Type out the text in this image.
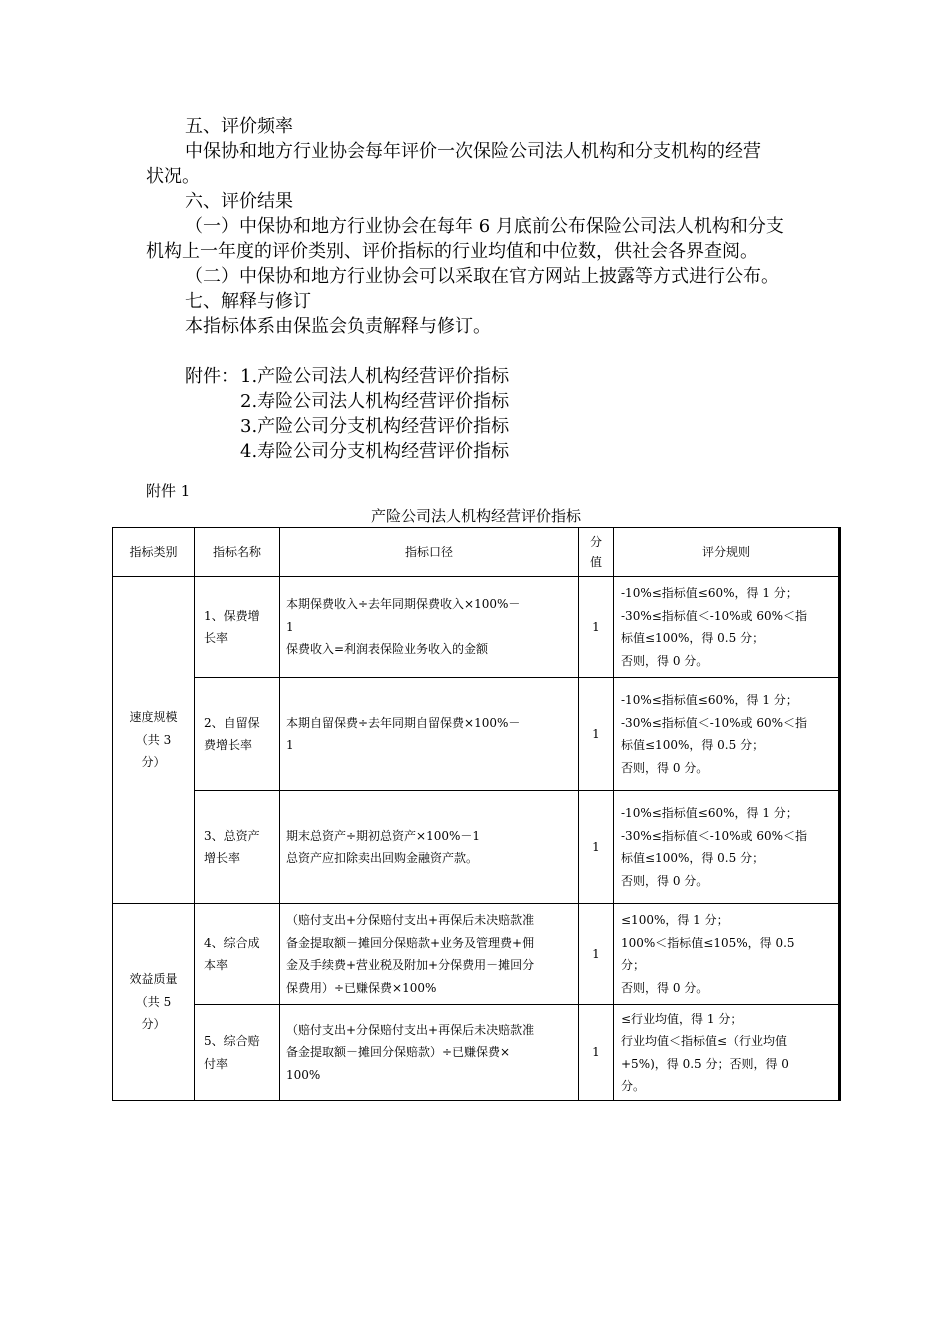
五、评价频率
中保协和地方行业协会每年评价一次保险公司法人机构和分支机构的经营
状况。
六、评价结果
（一）中保协和地方行业协会在每年 6 月底前公布保险公司法人机构和分支
机构上一年度的评价类别、评价指标的行业均值和中位数，供社会各界查阅。
（二）中保协和地方行业协会可以采取在官方网站上披露等方式进行公布。
七、解释与修订
本指标体系由保监会负责解释与修订。
附件： 1.产险公司法人机构经营评价指标
2.寿险公司法人机构经营评价指标
3.产险公司分支机构经营评价指标
4.寿险公司分支机构经营评价指标
附件 1
产险公司法人机构经营评价指标
指标类别	指标名称	指标口径	分
值	评分规则

速度规模
（共 3
分）	1、保费增
长率	本期保费收入÷去年同期保费收入×100%－
1
保费收入=利润表保险业务收入的金额	1	-10%≤指标值≤60%，得 1 分；
-30%≤指标值＜-10%或 60%＜指
标值≤100%，得 0.5 分；
否则，得 0 分。

	2、自留保
费增长率	本期自留保费÷去年同期自留保费×100%－
1	1	-10%≤指标值≤60%，得 1 分；
-30%≤指标值＜-10%或 60%＜指
标值≤100%，得 0.5 分；
否则，得 0 分。

	3、总资产
增长率	期末总资产÷期初总资产×100%－1
总资产应扣除卖出回购金融资产款。	1	-10%≤指标值≤60%，得 1 分；
-30%≤指标值＜-10%或 60%＜指
标值≤100%，得 0.5 分；
否则，得 0 分。

效益质量
（共 5
分）	4、综合成
本率	（赔付支出+分保赔付支出+再保后未决赔款准
备金提取额－摊回分保赔款+业务及管理费+佣
金及手续费+营业税及附加+分保费用－摊回分
保费用）÷已赚保费×100%	1	≤100%，得 1 分；
100%＜指标值≤105%，得 0.5
分；
否则，得 0 分。

	5、综合赔
付率	（赔付支出+分保赔付支出+再保后未决赔款准
备金提取额－摊回分保赔款）÷已赚保费×
100%	1	≤行业均值，得 1 分；
行业均值＜指标值≤（行业均值
+5%)，得 0.5 分；否则，得 0
分。
